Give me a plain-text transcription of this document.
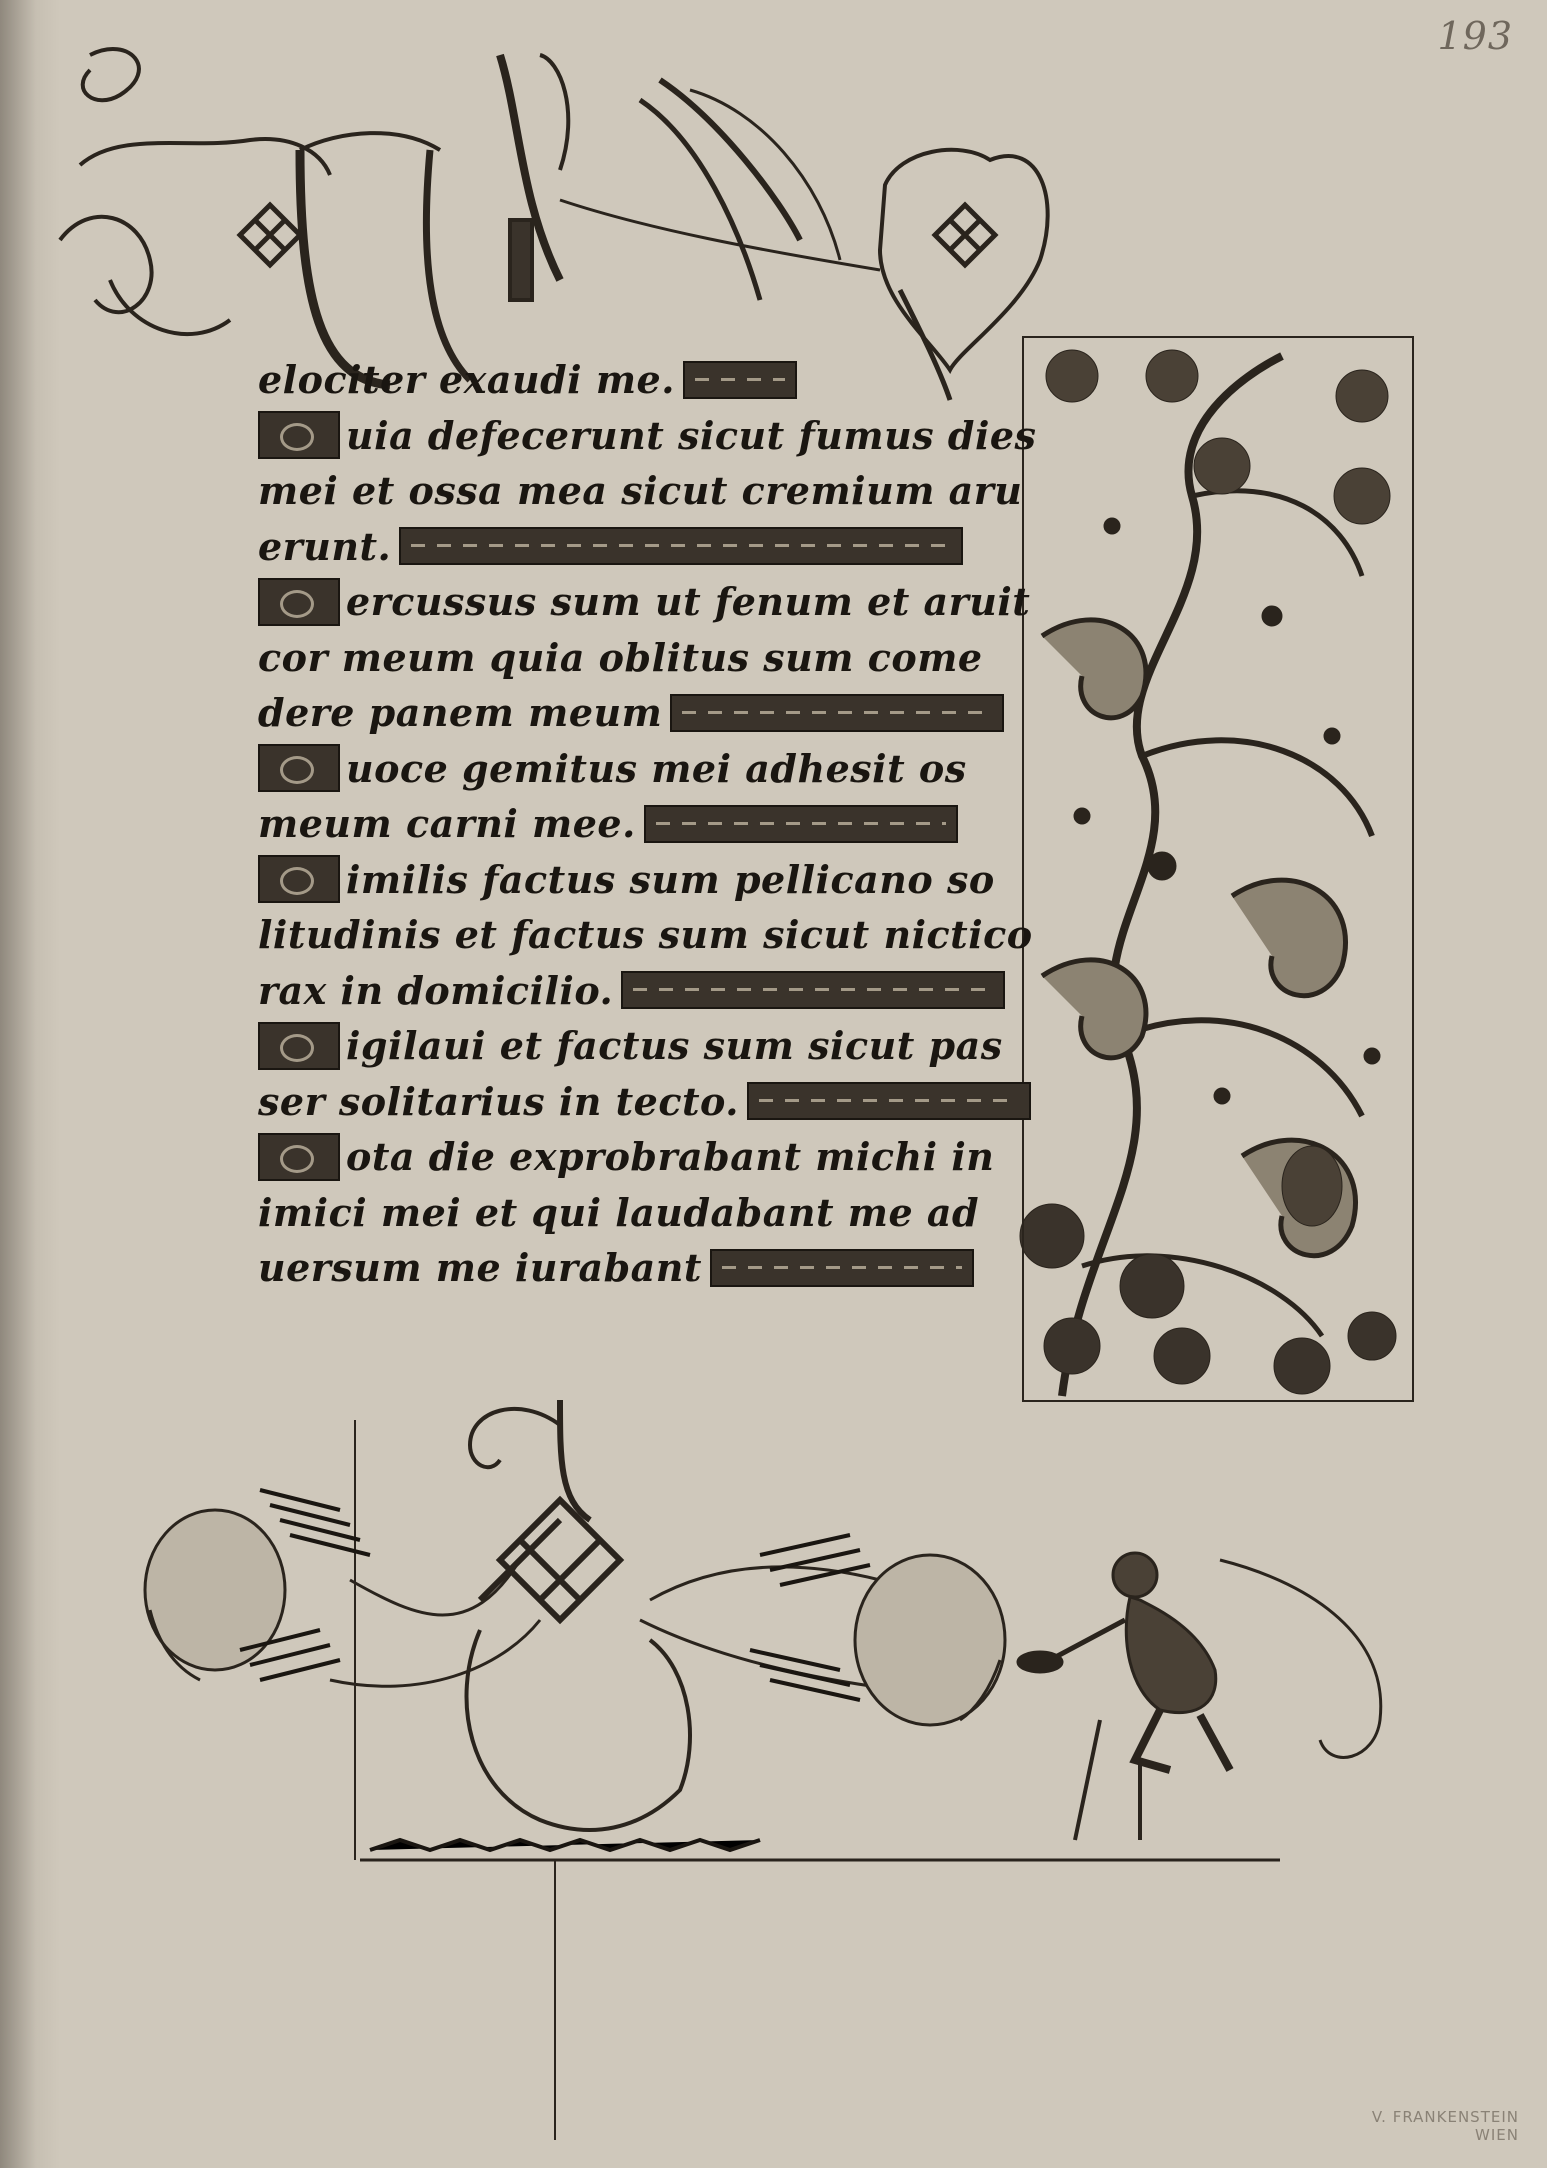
193
elociter exaudi me.
uia defecerunt sicut fumus dies
mei et ossa mea sicut cremium aru
erunt.
ercussus sum ut fenum et aruit
cor meum quia oblitus sum come
dere panem meum
uoce gemitus mei adhesit os
meum carni mee.
imilis factus sum pellicano so
litudinis et factus sum sicut nictico
rax in domicilio.
igilaui et factus sum sicut pas
ser solitarius in tecto.
ota die exprobrabant michi in
imici mei et qui laudabant me ad
uersum me iurabant
V. FRANKENSTEIN
WIEN
